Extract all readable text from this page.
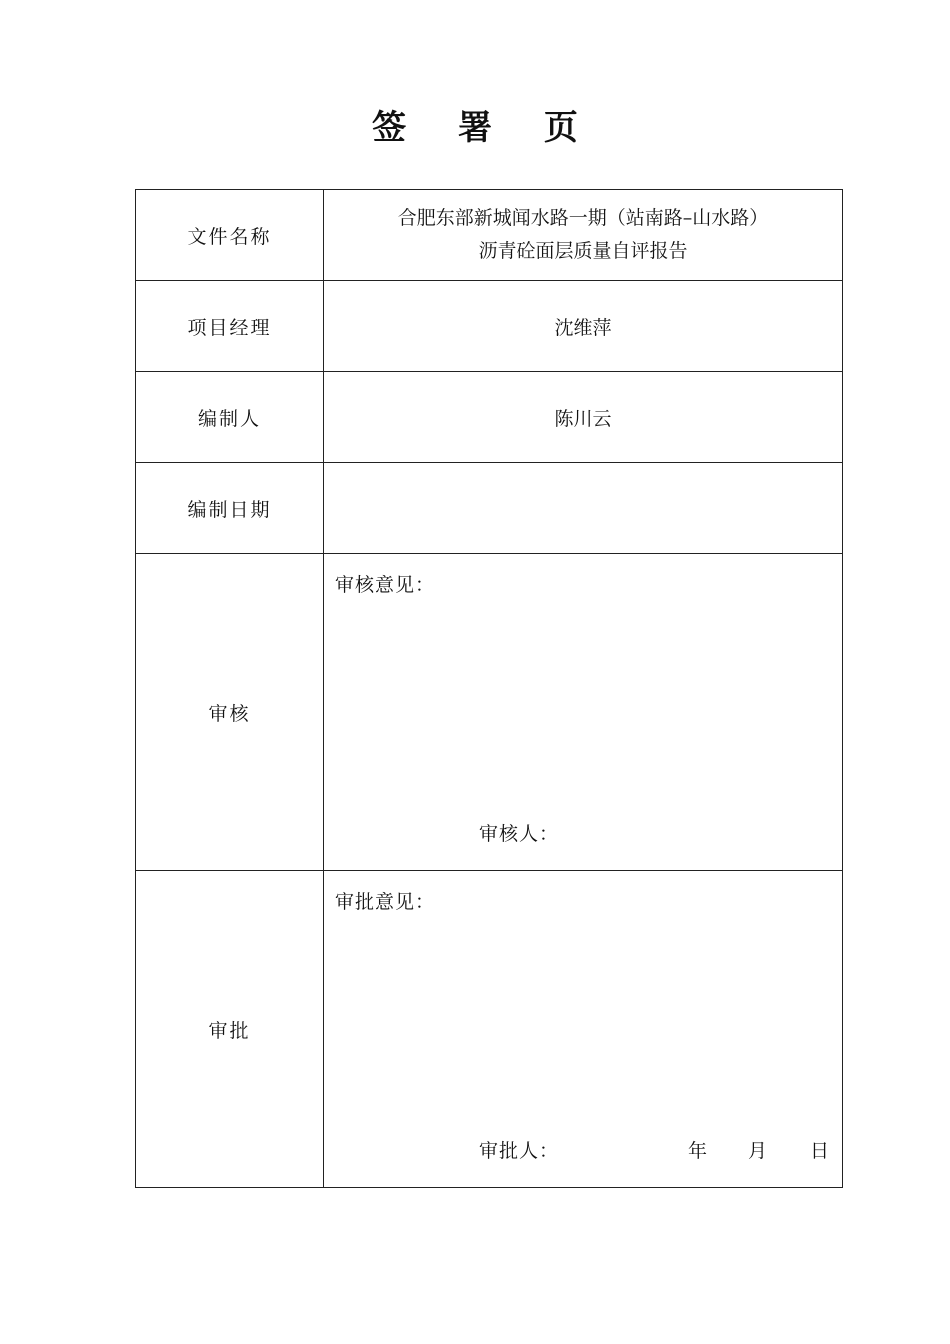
签 署 页
文件名称	合肥东部新城闻水路一期（站南路–山水路）
沥青砼面层质量自评报告

项目经理	沈维萍
编制人	陈川云
编制日期	
审核	审核意见：
审核人：

审批	审批意见：
审批人： 年 月 日
